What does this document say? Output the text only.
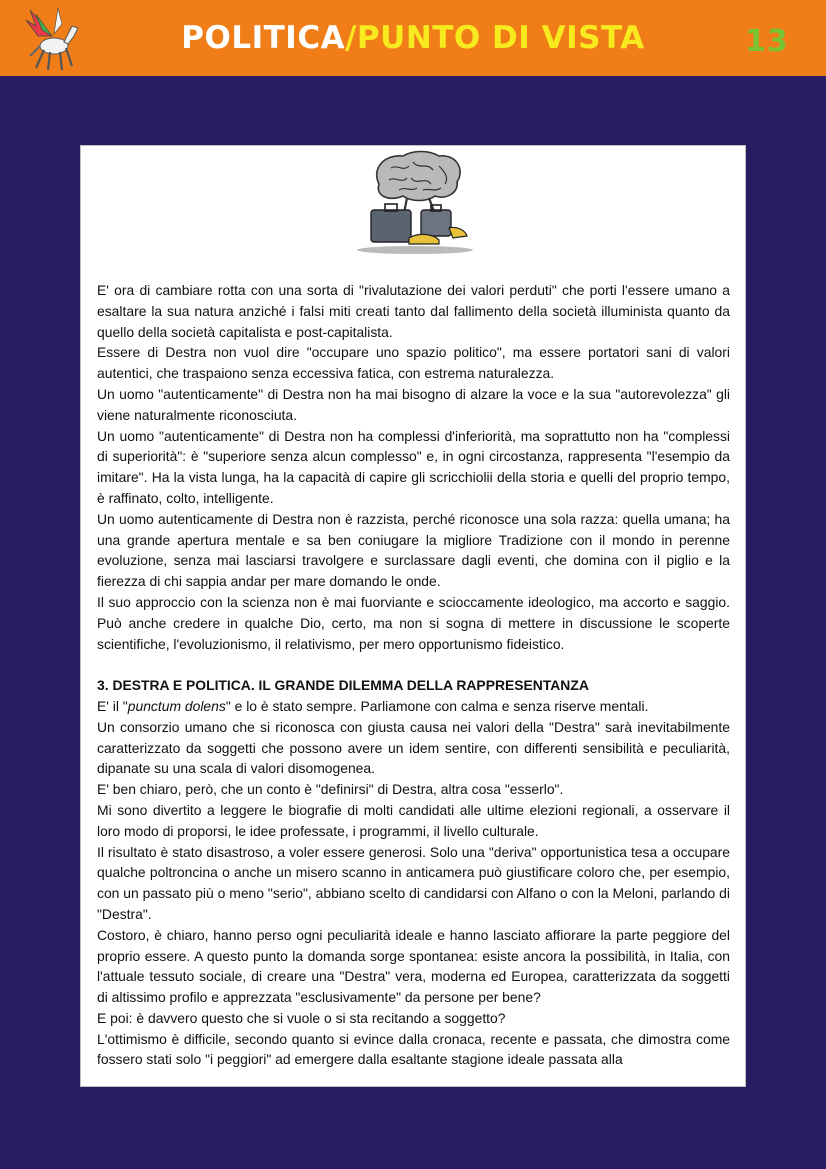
POLITICA/PUNTO DI VISTA	13

E' ora di cambiare rotta con una sorta di "rivalutazione dei valori perduti" che porti l'essere umano a esaltare la sua natura anziché i falsi miti creati tanto dal fallimento della società illuminista quanto da quello della società capitalista e post-capitalista.

Essere di Destra non vuol dire "occupare uno spazio politico", ma essere portatori sani di valori autentici, che traspaiono senza eccessiva fatica, con estrema naturalezza.

Un uomo "autenticamente" di Destra non ha mai bisogno di alzare la voce e la sua "autorevolezza" gli viene naturalmente riconosciuta.

Un uomo "autenticamente" di Destra non ha complessi d'inferiorità, ma soprattutto non ha "complessi di superiorità": è "superiore senza alcun complesso" e, in ogni circostanza, rappresenta "l'esempio da imitare". Ha la vista lunga, ha la capacità di capire gli scricchiolii della storia e quelli del proprio tempo, è raffinato, colto, intelligente.

Un uomo autenticamente di Destra non è razzista, perché riconosce una sola razza: quella umana; ha una grande apertura mentale e sa ben coniugare la migliore Tradizione con il mondo in perenne evoluzione, senza mai lasciarsi travolgere e surclassare dagli eventi, che domina con il piglio e la fierezza di chi sappia andar per mare domando le onde.

Il suo approccio con la scienza non è mai fuorviante e scioccamente ideologico, ma accorto e saggio. Può anche credere in qualche Dio, certo, ma non si sogna di mettere in discussione le scoperte scientifiche, l'evoluzionismo, il relativismo, per mero opportunismo fideistico.

3. DESTRA E POLITICA. IL GRANDE DILEMMA DELLA RAPPRESENTANZA

E' il "punctum dolens" e lo è stato sempre. Parliamone con calma e senza riserve mentali.

Un consorzio umano che si riconosca con giusta causa nei valori della "Destra" sarà inevitabilmente caratterizzato da soggetti che possono avere un idem sentire, con differenti sensibilità e peculiarità, dipanate su una scala di valori disomogenea.

E' ben chiaro, però, che un conto è "definirsi" di Destra, altra cosa "esserlo".

Mi sono divertito a leggere le biografie di molti candidati alle ultime elezioni regionali, a osservare il loro modo di proporsi, le idee professate, i programmi, il livello culturale.

Il risultato è stato disastroso, a voler essere generosi. Solo una "deriva" opportunistica tesa a occupare qualche poltroncina o anche un misero scanno in anticamera può giustificare coloro che, per esempio, con un passato più o meno "serio", abbiano scelto di candidarsi con Alfano o con la Meloni, parlando di "Destra".

Costoro, è chiaro, hanno perso ogni peculiarità ideale e hanno lasciato affiorare la parte peggiore del proprio essere. A questo punto la domanda sorge spontanea: esiste ancora la possibilità, in Italia, con l'attuale tessuto sociale, di creare una "Destra" vera, moderna ed Europea, caratterizzata da soggetti di altissimo profilo e apprezzata "esclusivamente" da persone per bene?

E poi: è davvero questo che si vuole o si sta recitando a soggetto?

L'ottimismo è difficile, secondo quanto si evince dalla cronaca, recente e passata, che dimostra come fossero stati solo "i peggiori" ad emergere dalla esaltante stagione ideale passata alla
